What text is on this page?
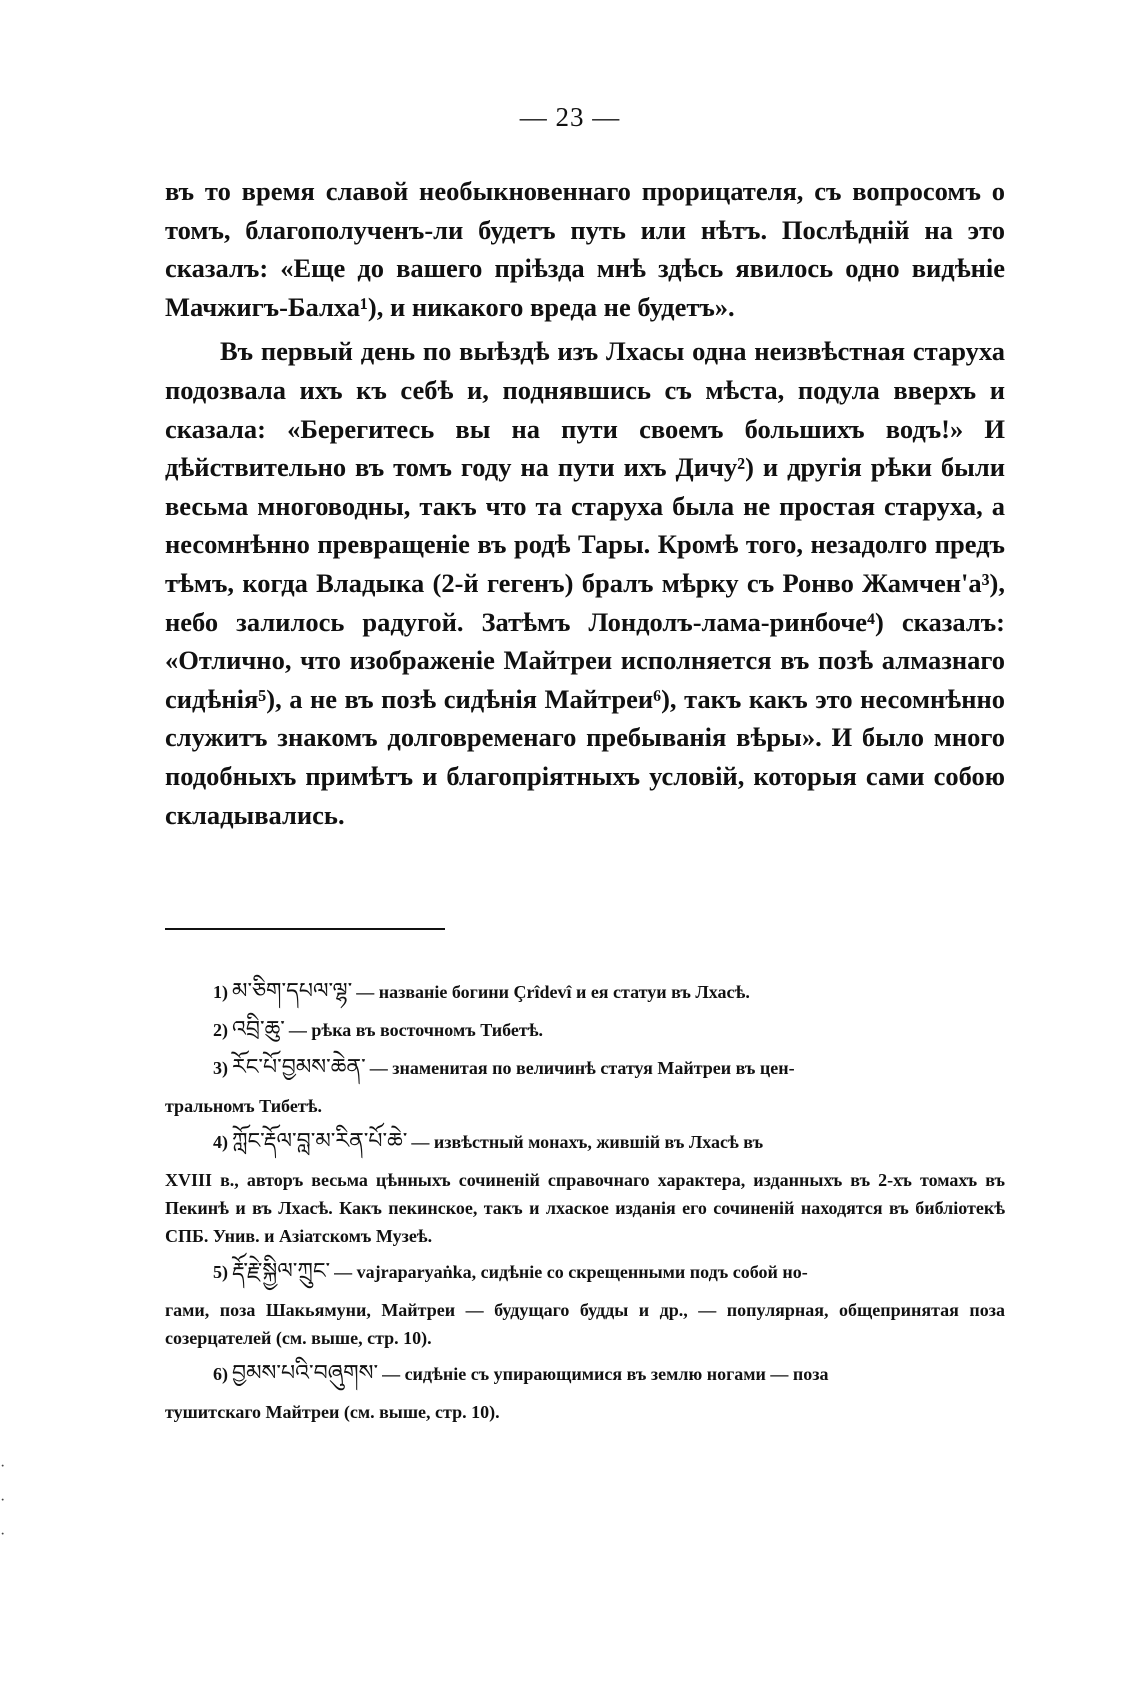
— 23 —

въ то время славой необыкновеннаго прорицателя, съ вопросомъ о томъ, благополученъ-ли будетъ путь или нѣтъ. Послѣдній на это сказалъ: «Еще до вашего пріѣзда мнѣ здѣсь явилось одно видѣніе Мачжигъ-Балха¹), и никакого вреда не будетъ».

Въ первый день по выѣздѣ изъ Лхасы одна неизвѣстная старуха подозвала ихъ къ себѣ и, поднявшись съ мѣста, подула вверхъ и сказала: «Берегитесь вы на пути своемъ большихъ водъ!» И дѣйствительно въ томъ году на пути ихъ Дичу²) и другія рѣки были весьма многоводны, такъ что та старуха была не простая старуха, а несомнѣнно превращеніе въ родѣ Тары. Кромѣ того, незадолго предъ тѣмъ, когда Владыка (2-й гегенъ) бралъ мѣрку съ Ронво Жамчен'а³), небо залилось радугой. Затѣмъ Лондолъ-лама-ринбоче⁴) сказалъ: «Отлично, что изображеніе Майтреи исполняется въ позѣ алмазнаго сидѣнія⁵), а не въ позѣ сидѣнія Майтреи⁶), такъ какъ это несомнѣнно служитъ знакомъ долговременаго пребыванія вѣры». И было много подобныхъ примѣтъ и благопріятныхъ условій, которыя сами собою складывались.

1) མ་ཅིག་དཔལ་ལྷ་ — названіе богини Çrîdevî и ея статуи въ Лхасѣ.
2) འབྲི་ཆུ་ — рѣка въ восточномъ Тибетѣ.
3) རོང་པོ་བྱམས་ཆེན་ — знаменитая по величинѣ статуя Майтреи въ цен-
тральномъ Тибетѣ.
4) ཀློང་རྡོལ་བླ་མ་རིན་པོ་ཆེ་ — извѣстный монахъ, жившій въ Лхасѣ въ
XVIII в., авторъ весьма цѣнныхъ сочиненій справочнаго характера, изданныхъ въ 2-хъ томахъ въ Пекинѣ и въ Лхасѣ. Какъ пекинское, такъ и лхаское изданія его сочиненій находятся въ библіотекѣ СПБ. Унив. и Азіатскомъ Музеѣ.
5) རྡོ་རྗེ་སྐྱིལ་ཀྲུང་ — vajraparyaṅka, сидѣніе со скрещенными подъ собой но-
гами, поза Шакьямуни, Майтреи — будущаго будды и др., — популярная, общепринятая поза созерцателей (см. выше, стр. 10).
6) བྱམས་པའི་བཞུགས་ — сидѣніе съ упирающимися въ землю ногами — поза
тушитскаго Майтреи (см. выше, стр. 10).
·
·
·
